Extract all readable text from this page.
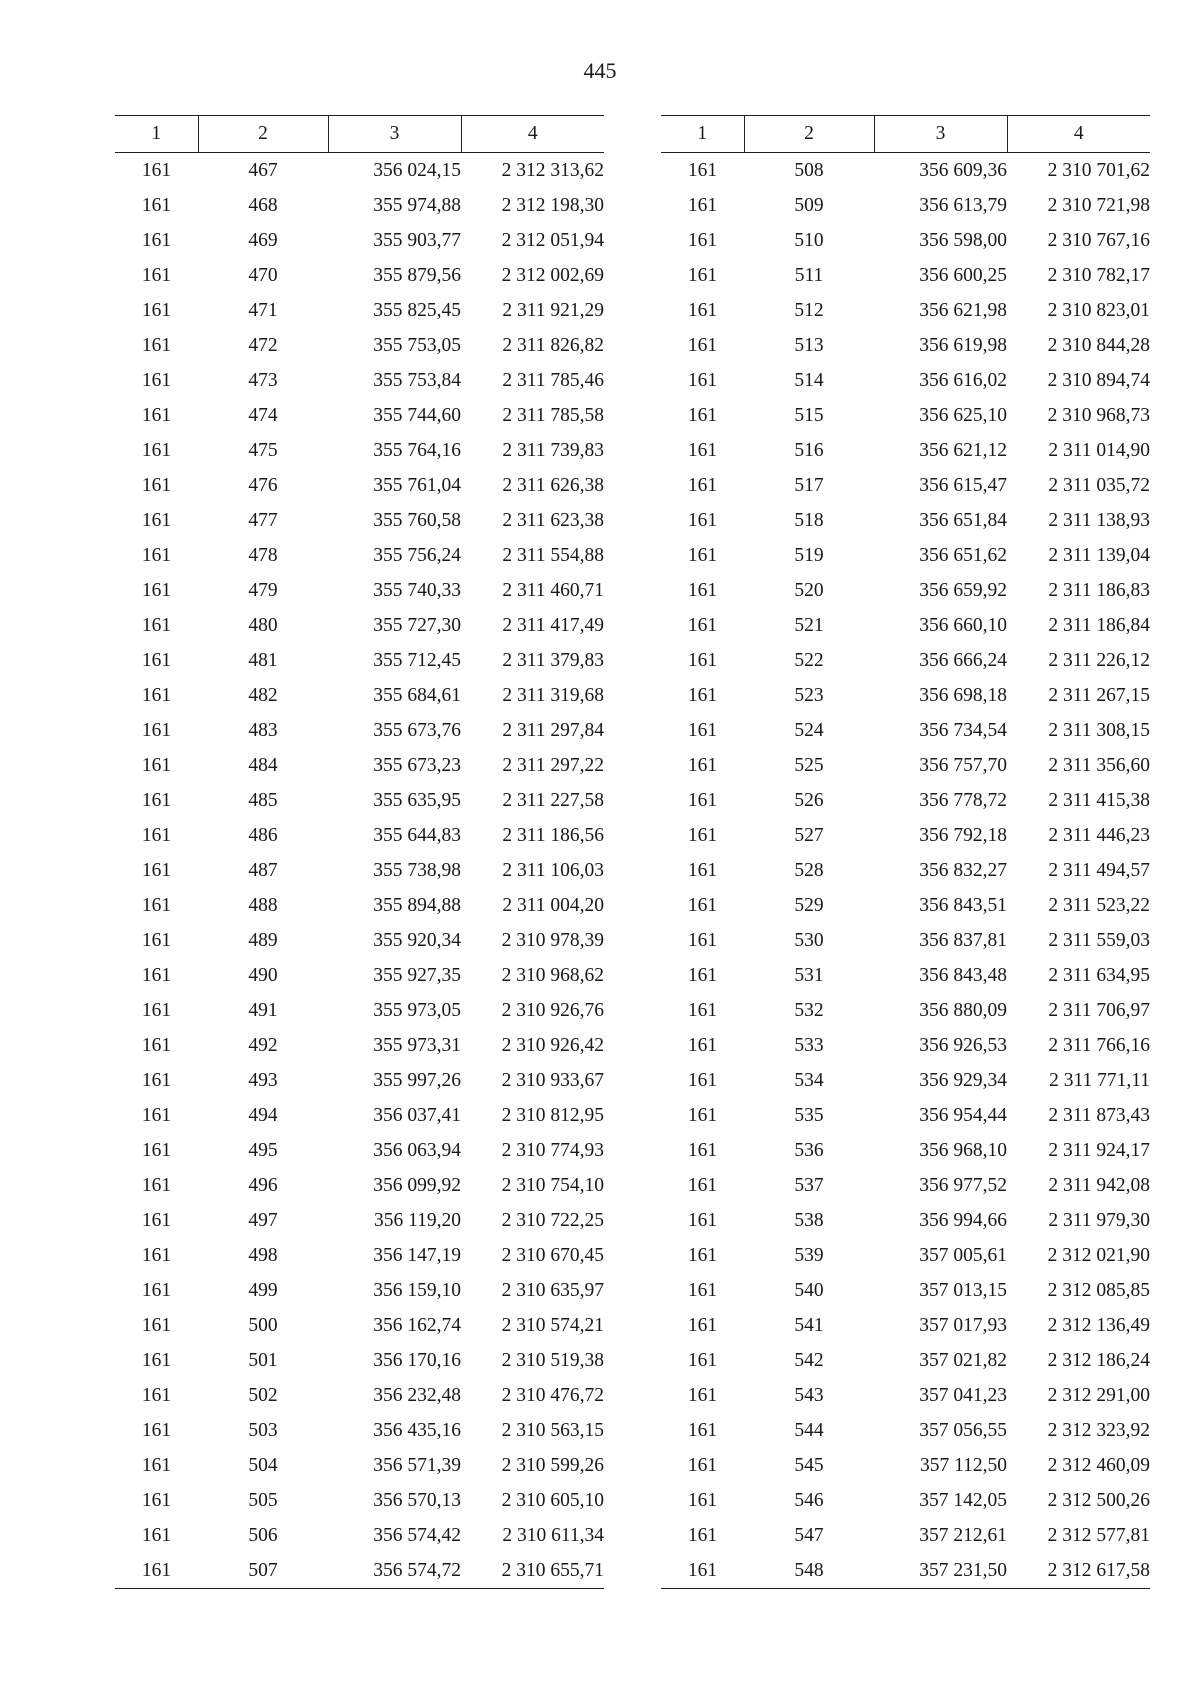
445
1	2	3	4
161	467	356 024,15	2 312 313,62
161	468	355 974,88	2 312 198,30
161	469	355 903,77	2 312 051,94
161	470	355 879,56	2 312 002,69
161	471	355 825,45	2 311 921,29
161	472	355 753,05	2 311 826,82
161	473	355 753,84	2 311 785,46
161	474	355 744,60	2 311 785,58
161	475	355 764,16	2 311 739,83
161	476	355 761,04	2 311 626,38
161	477	355 760,58	2 311 623,38
161	478	355 756,24	2 311 554,88
161	479	355 740,33	2 311 460,71
161	480	355 727,30	2 311 417,49
161	481	355 712,45	2 311 379,83
161	482	355 684,61	2 311 319,68
161	483	355 673,76	2 311 297,84
161	484	355 673,23	2 311 297,22
161	485	355 635,95	2 311 227,58
161	486	355 644,83	2 311 186,56
161	487	355 738,98	2 311 106,03
161	488	355 894,88	2 311 004,20
161	489	355 920,34	2 310 978,39
161	490	355 927,35	2 310 968,62
161	491	355 973,05	2 310 926,76
161	492	355 973,31	2 310 926,42
161	493	355 997,26	2 310 933,67
161	494	356 037,41	2 310 812,95
161	495	356 063,94	2 310 774,93
161	496	356 099,92	2 310 754,10
161	497	356 119,20	2 310 722,25
161	498	356 147,19	2 310 670,45
161	499	356 159,10	2 310 635,97
161	500	356 162,74	2 310 574,21
161	501	356 170,16	2 310 519,38
161	502	356 232,48	2 310 476,72
161	503	356 435,16	2 310 563,15
161	504	356 571,39	2 310 599,26
161	505	356 570,13	2 310 605,10
161	506	356 574,42	2 310 611,34
161	507	356 574,72	2 310 655,71
1	2	3	4
161	508	356 609,36	2 310 701,62
161	509	356 613,79	2 310 721,98
161	510	356 598,00	2 310 767,16
161	511	356 600,25	2 310 782,17
161	512	356 621,98	2 310 823,01
161	513	356 619,98	2 310 844,28
161	514	356 616,02	2 310 894,74
161	515	356 625,10	2 310 968,73
161	516	356 621,12	2 311 014,90
161	517	356 615,47	2 311 035,72
161	518	356 651,84	2 311 138,93
161	519	356 651,62	2 311 139,04
161	520	356 659,92	2 311 186,83
161	521	356 660,10	2 311 186,84
161	522	356 666,24	2 311 226,12
161	523	356 698,18	2 311 267,15
161	524	356 734,54	2 311 308,15
161	525	356 757,70	2 311 356,60
161	526	356 778,72	2 311 415,38
161	527	356 792,18	2 311 446,23
161	528	356 832,27	2 311 494,57
161	529	356 843,51	2 311 523,22
161	530	356 837,81	2 311 559,03
161	531	356 843,48	2 311 634,95
161	532	356 880,09	2 311 706,97
161	533	356 926,53	2 311 766,16
161	534	356 929,34	2 311 771,11
161	535	356 954,44	2 311 873,43
161	536	356 968,10	2 311 924,17
161	537	356 977,52	2 311 942,08
161	538	356 994,66	2 311 979,30
161	539	357 005,61	2 312 021,90
161	540	357 013,15	2 312 085,85
161	541	357 017,93	2 312 136,49
161	542	357 021,82	2 312 186,24
161	543	357 041,23	2 312 291,00
161	544	357 056,55	2 312 323,92
161	545	357 112,50	2 312 460,09
161	546	357 142,05	2 312 500,26
161	547	357 212,61	2 312 577,81
161	548	357 231,50	2 312 617,58
